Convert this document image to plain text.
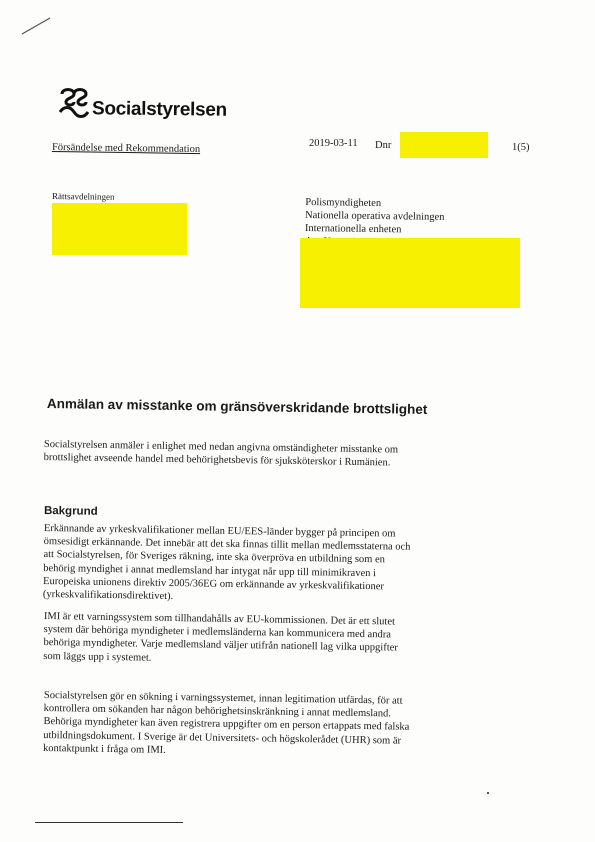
Socialstyrelsen
Försändelse med Rekommendation	2019-03-11 Dnr	1(5)
Rättsavdelningen
Polismyndigheten
Nationella operativa avdelningen
Internationella enheten
Anmälan av misstanke om gränsöverskridande brottslighet
Socialstyrelsen anmäler i enlighet med nedan angivna omständigheter misstanke om brottslighet avseende handel med behörighetsbevis för sjuksköterskor i Rumänien.
Bakgrund
Erkännande av yrkeskvalifikationer mellan EU/EES-länder bygger på principen om ömsesidigt erkännande. Det innebär att det ska finnas tillit mellan medlemsstaterna och att Socialstyrelsen, för Sveriges räkning, inte ska överpröva en utbildning som en behörig myndighet i annat medlemsland har intygat når upp till minimikraven i Europeiska unionens direktiv 2005/36EG om erkännande av yrkeskvalifikationer (yrkeskvalifikationsdirektivet).
IMI är ett varningssystem som tillhandahålls av EU-kommissionen. Det är ett slutet system där behöriga myndigheter i medlemsländerna kan kommunicera med andra behöriga myndigheter. Varje medlemsland väljer utifrån nationell lag vilka uppgifter som läggs upp i systemet.
Socialstyrelsen gör en sökning i varningssystemet, innan legitimation utfärdas, för att kontrollera om sökanden har någon behörighetsinskränkning i annat medlemsland. Behöriga myndigheter kan även registrera uppgifter om en person ertappats med falska utbildningsdokument. I Sverige är det Universitets- och högskolerådet (UHR) som är kontaktpunkt i fråga om IMI.
